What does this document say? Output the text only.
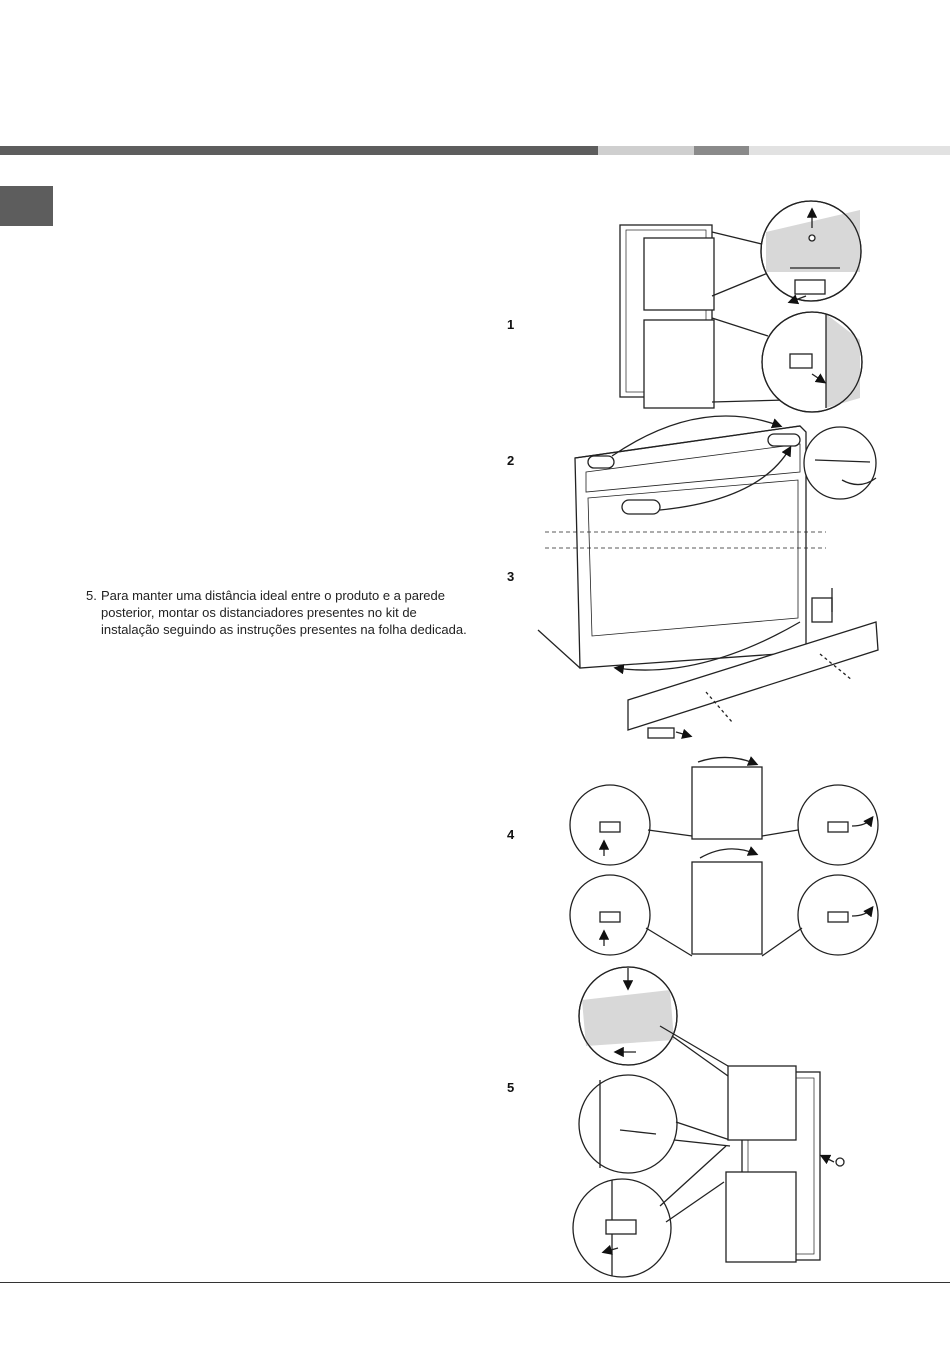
5. Para manter uma distância ideal entre o produto e a parede posterior, montar os distanciadores presentes no kit de instalação seguindo as instruções presentes na folha dedicada.
1
2
3
4
5
